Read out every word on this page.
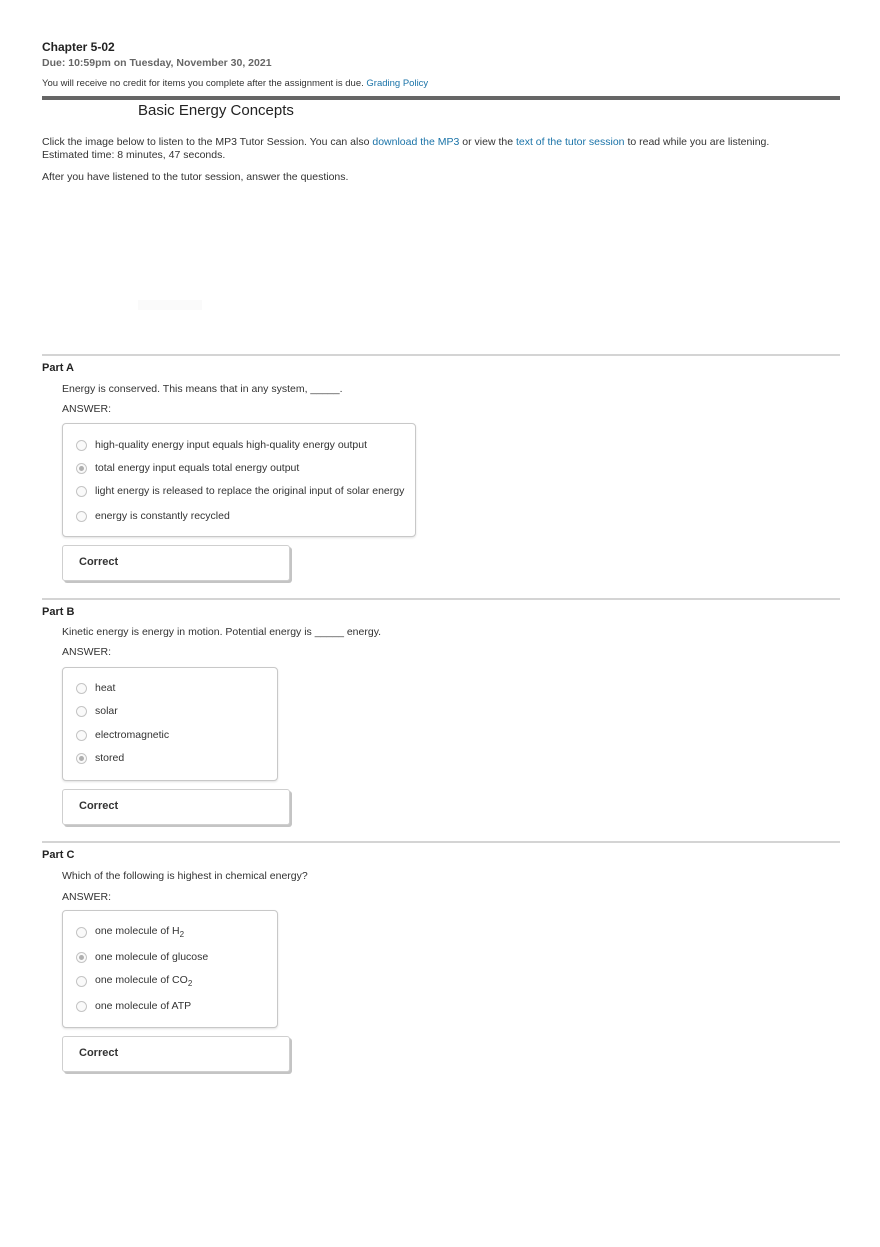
Chapter 5-02
Due: 10:59pm on Tuesday, November 30, 2021
You will receive no credit for items you complete after the assignment is due. Grading Policy
Basic Energy Concepts
Click the image below to listen to the MP3 Tutor Session. You can also download the MP3 or view the text of the tutor session to read while you are listening.
Estimated time: 8 minutes, 47 seconds.
After you have listened to the tutor session, answer the questions.
Part A
Energy is conserved. This means that in any system, _____.
ANSWER:
high-quality energy input equals high-quality energy output
total energy input equals total energy output
light energy is released to replace the original input of solar energy
energy is constantly recycled
Correct
Part B
Kinetic energy is energy in motion. Potential energy is _____ energy.
ANSWER:
heat
solar
electromagnetic
stored
Correct
Part C
Which of the following is highest in chemical energy?
ANSWER:
one molecule of $H_2$
one molecule of glucose
one molecule of $CO_2$
one molecule of ATP
Correct
